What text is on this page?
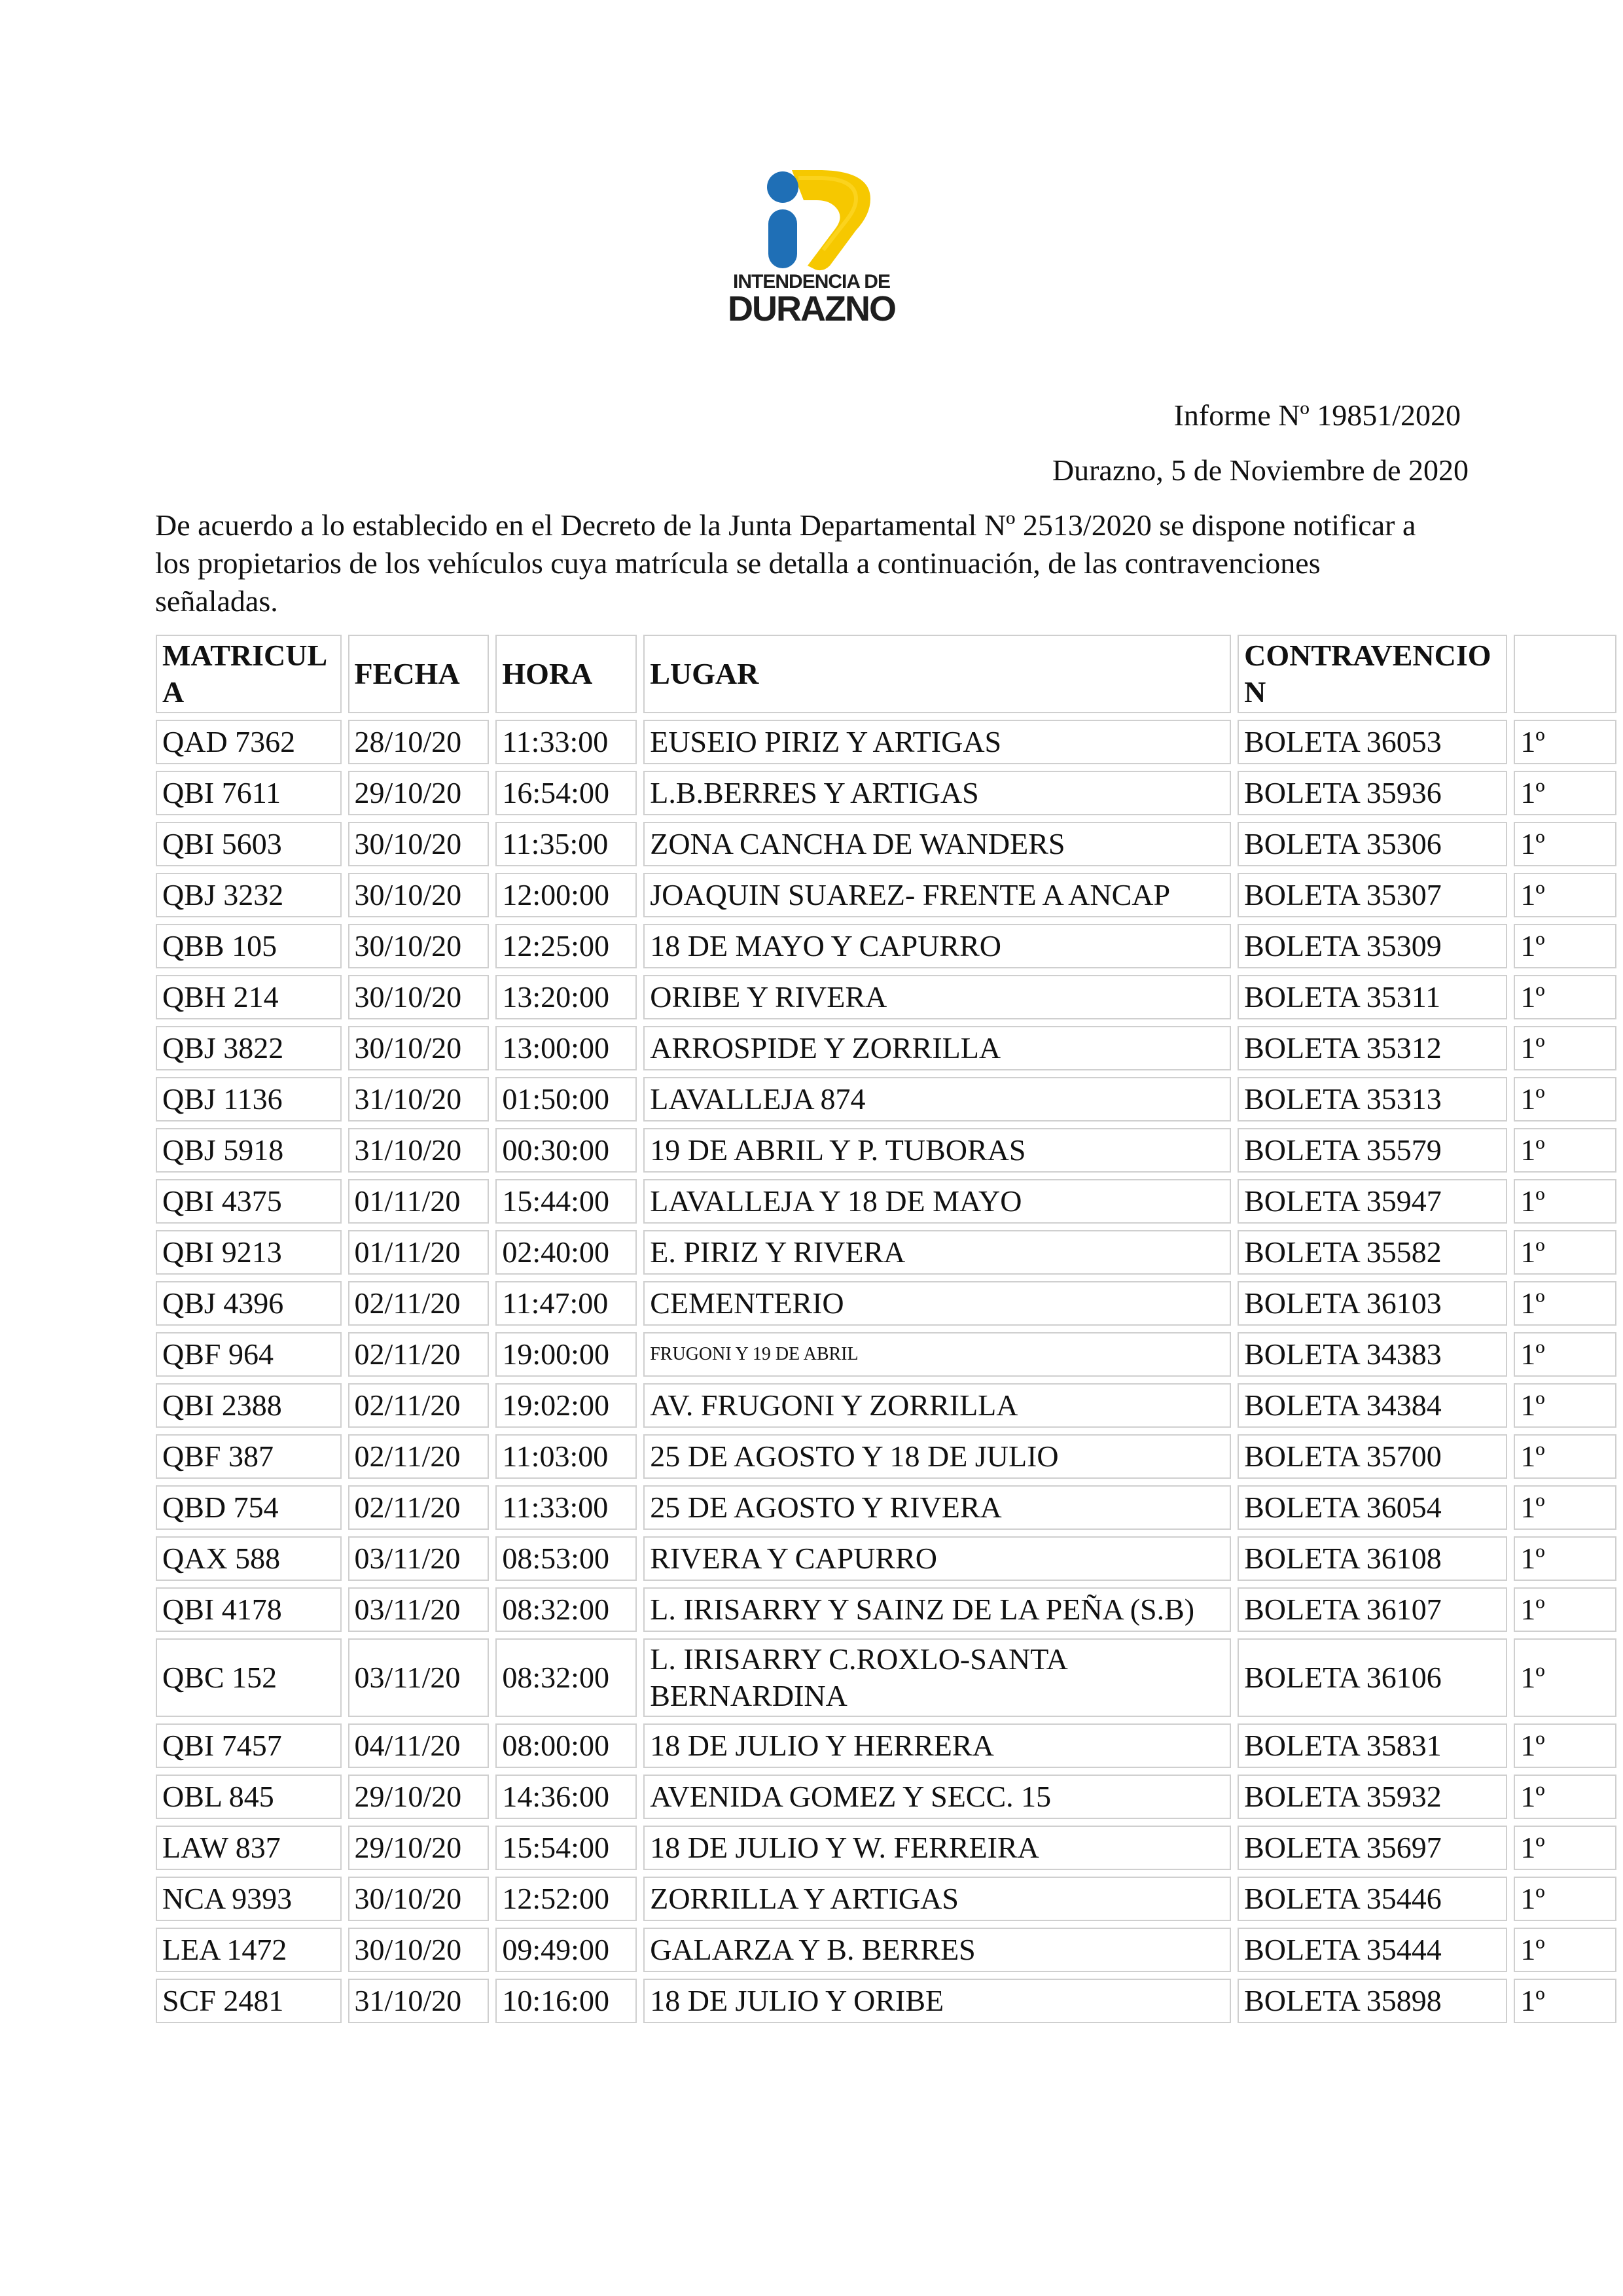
INTENDENCIA DE
DURAZNO
Informe Nº 19851/2020
Durazno, 5 de Noviembre de 2020
De acuerdo a lo establecido en el Decreto de la Junta Departamental Nº 2513/2020 se dispone notificar a los propietarios de los vehículos cuya matrícula se detalla a continuación, de las contravenciones señaladas.
MATRICULA	FECHA	HORA	LUGAR	CONTRAVENCION	
QAD 7362	28/10/20	11:33:00	EUSEIO PIRIZ Y ARTIGAS	BOLETA 36053	1º
QBI 7611	29/10/20	16:54:00	L.B.BERRES Y ARTIGAS	BOLETA 35936	1º
QBI 5603	30/10/20	11:35:00	ZONA CANCHA DE WANDERS	BOLETA 35306	1º
QBJ 3232	30/10/20	12:00:00	JOAQUIN SUAREZ- FRENTE A ANCAP	BOLETA 35307	1º
QBB 105	30/10/20	12:25:00	18 DE MAYO Y CAPURRO	BOLETA 35309	1º
QBH 214	30/10/20	13:20:00	ORIBE Y RIVERA	BOLETA 35311	1º
QBJ 3822	30/10/20	13:00:00	ARROSPIDE Y ZORRILLA	BOLETA 35312	1º
QBJ 1136	31/10/20	01:50:00	LAVALLEJA 874	BOLETA 35313	1º
QBJ 5918	31/10/20	00:30:00	19 DE ABRIL Y P. TUBORAS	BOLETA 35579	1º
QBI 4375	01/11/20	15:44:00	LAVALLEJA Y 18 DE MAYO	BOLETA 35947	1º
QBI 9213	01/11/20	02:40:00	E. PIRIZ Y RIVERA	BOLETA 35582	1º
QBJ 4396	02/11/20	11:47:00	CEMENTERIO	BOLETA 36103	1º
QBF 964	02/11/20	19:00:00	FRUGONI Y 19 DE ABRIL	BOLETA 34383	1º
QBI 2388	02/11/20	19:02:00	AV. FRUGONI Y ZORRILLA	BOLETA 34384	1º
QBF 387	02/11/20	11:03:00	25 DE AGOSTO Y 18 DE JULIO	BOLETA 35700	1º
QBD 754	02/11/20	11:33:00	25 DE AGOSTO Y RIVERA	BOLETA 36054	1º
QAX 588	03/11/20	08:53:00	RIVERA Y CAPURRO	BOLETA 36108	1º
QBI 4178	03/11/20	08:32:00	L. IRISARRY Y SAINZ DE LA PEÑA (S.B)	BOLETA 36107	1º
QBC 152	03/11/20	08:32:00	L. IRISARRY C.ROXLO-SANTA BERNARDINA	BOLETA 36106	1º
QBI 7457	04/11/20	08:00:00	18 DE JULIO Y HERRERA	BOLETA 35831	1º
OBL 845	29/10/20	14:36:00	AVENIDA GOMEZ Y SECC. 15	BOLETA 35932	1º
LAW 837	29/10/20	15:54:00	18 DE JULIO Y W. FERREIRA	BOLETA 35697	1º
NCA 9393	30/10/20	12:52:00	ZORRILLA Y ARTIGAS	BOLETA 35446	1º
LEA 1472	30/10/20	09:49:00	GALARZA Y B. BERRES	BOLETA 35444	1º
SCF 2481	31/10/20	10:16:00	18 DE JULIO Y ORIBE	BOLETA 35898	1º
